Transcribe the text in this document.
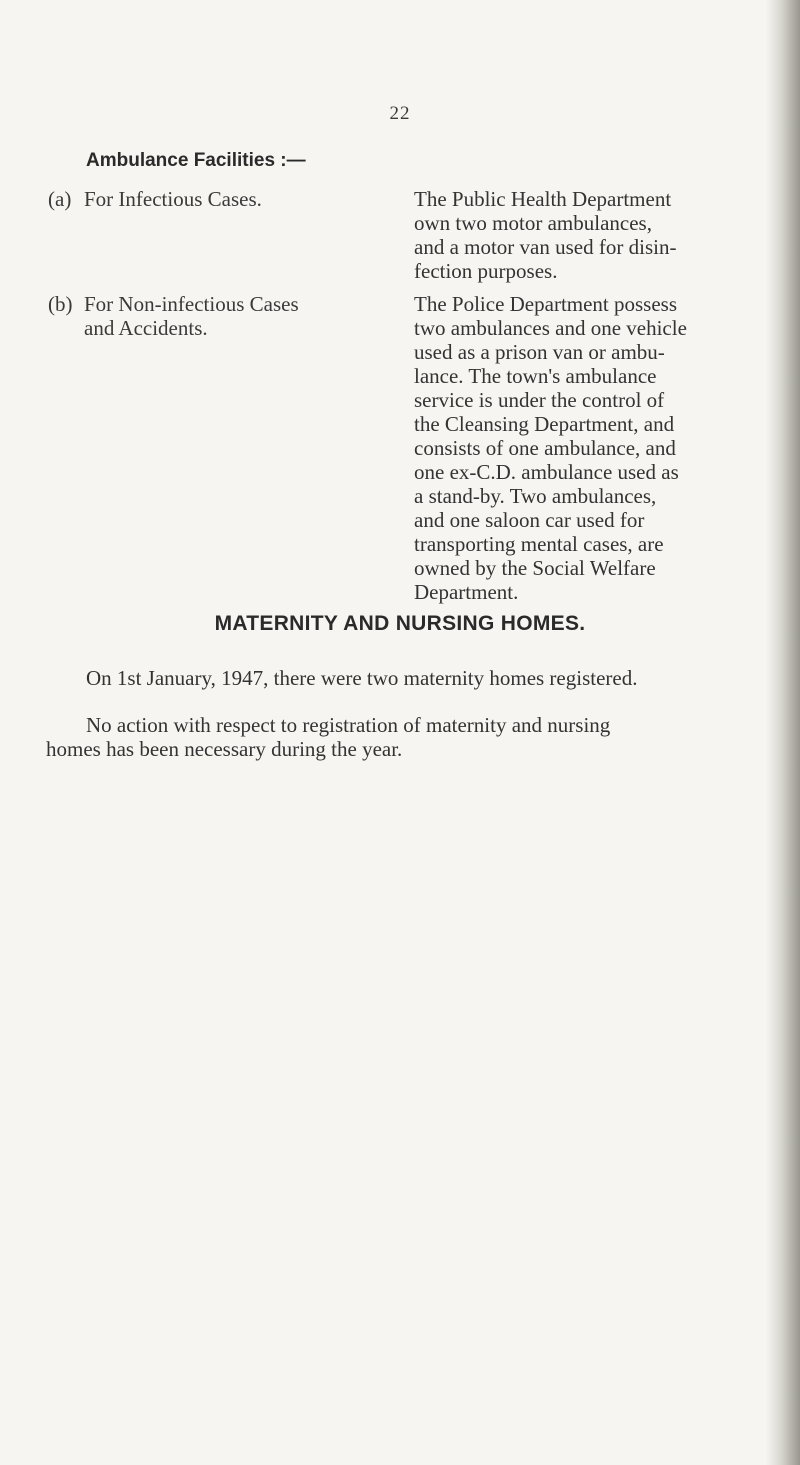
22
Ambulance Facilities :—
(a) For Infectious Cases.	The Public Health Department
own two motor ambulances,
and a motor van used for disin-
fection purposes.
(b) For Non-infectious Cases
and Accidents.
The Police Department possess
two ambulances and one vehicle
used as a prison van or ambu-
lance. The town's ambulance
service is under the control of
the Cleansing Department, and
consists of one ambulance, and
one ex-C.D. ambulance used as
a stand-by. Two ambulances,
and one saloon car used for
transporting mental cases, are
owned by the Social Welfare
Department.
MATERNITY AND NURSING HOMES.
On 1st January, 1947, there were two maternity homes registered.
No action with respect to registration of maternity and nursing
homes has been necessary during the year.
